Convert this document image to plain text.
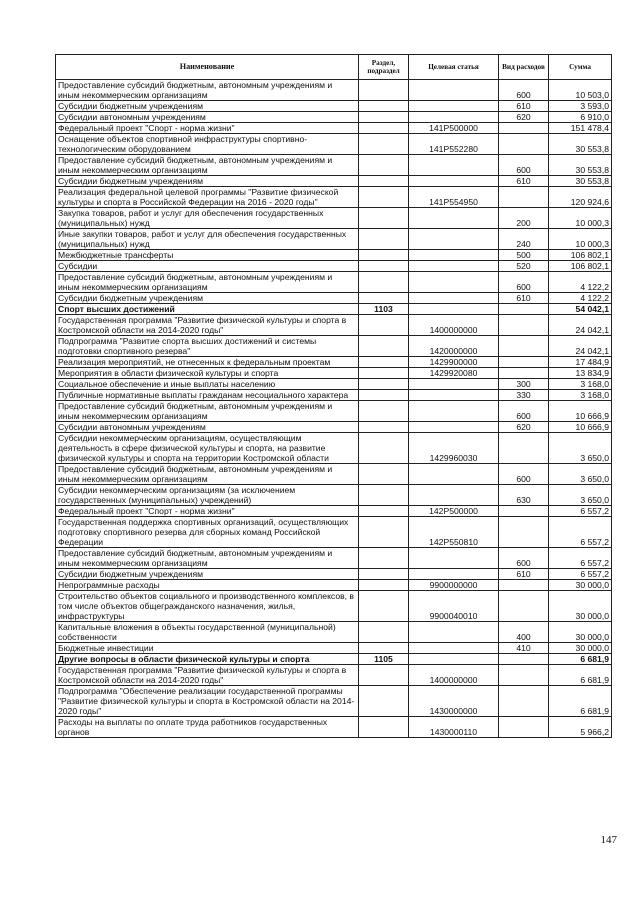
Наименование	Раздел, подраздел	Целевая статья	Вид расходов	Сумма
Предоставление субсидий бюджетным, автономным учреждениям и иным некоммерческим организациям			600	10 503,0
Субсидии бюджетным учреждениям			610	3 593,0
Субсидии автономным учреждениям			620	6 910,0
Федеральный проект "Спорт - норма жизни"		141P500000		151 478,4
Оснащение объектов спортивной инфраструктуры спортивно-технологическим оборудованием		141P552280		30 553,8
Предоставление субсидий бюджетным, автономным учреждениям и иным некоммерческим организациям			600	30 553,8
Субсидии бюджетным учреждениям			610	30 553,8
Реализация федеральной целевой программы "Развитие физической культуры и спорта в Российской Федерации на 2016 - 2020 годы"		141P554950		120 924,6
Закупка товаров, работ и услуг для обеспечения государственных (муниципальных) нужд			200	10 000,3
Иные закупки товаров, работ и услуг для обеспечения государственных (муниципальных) нужд			240	10 000,3
Межбюджетные трансферты			500	106 802,1
Субсидии			520	106 802,1
Предоставление субсидий бюджетным, автономным учреждениям и иным некоммерческим организациям			600	4 122,2
Субсидии бюджетным учреждениям			610	4 122,2
Спорт высших достижений	1103			54 042,1
Государственная программа "Развитие физической культуры и спорта в Костромской области на 2014-2020 годы"		1400000000		24 042,1
Подпрограмма "Развитие спорта высших достижений и системы подготовки спортивного резерва"		1420000000		24 042,1
Реализация мероприятий, не отнесенных к федеральным проектам		1429900000		17 484,9
Мероприятия в области физической культуры и спорта		1429920080		13 834,9
Социальное обеспечение и иные выплаты населению			300	3 168,0
Публичные нормативные выплаты гражданам несоциального характера			330	3 168,0
Предоставление субсидий бюджетным, автономным учреждениям и иным некоммерческим организациям			600	10 666,9
Субсидии автономным учреждениям			620	10 666,9
Субсидии некоммерческим организациям, осуществляющим деятельность в сфере физической культуры и спорта, на развитие физической культуры и спорта на территории Костромской области		1429960030		3 650,0
Предоставление субсидий бюджетным, автономным учреждениям и иным некоммерческим организациям			600	3 650,0
Субсидии некоммерческим организациям (за исключением государственных (муниципальных) учреждений)			630	3 650,0
Федеральный проект "Спорт - норма жизни"		142P500000		6 557,2
Государственная поддержка спортивных организаций, осуществляющих подготовку спортивного резерва для сборных команд Российской Федерации		142P550810		6 557,2
Предоставление субсидий бюджетным, автономным учреждениям и иным некоммерческим организациям			600	6 557,2
Субсидии бюджетным учреждениям			610	6 557,2
Непрограммные расходы		9900000000		30 000,0
Строительство объектов социального и производственного комплексов, в том числе объектов общегражданского назначения, жилья, инфраструктуры		9900040010		30 000,0
Капитальные вложения в объекты государственной (муниципальной) собственности			400	30 000,0
Бюджетные инвестиции			410	30 000,0
Другие вопросы в области физической культуры и спорта	1105			6 681,9
Государственная программа "Развитие физической культуры и спорта в Костромской области на 2014-2020 годы"		1400000000		6 681,9
Подпрограмма "Обеспечение реализации государственной программы "Развитие физической культуры и спорта в Костромской области на 2014-2020 годы"		1430000000		6 681,9
Расходы на выплаты по оплате труда работников государственных органов		1430000110		5 966,2
147
